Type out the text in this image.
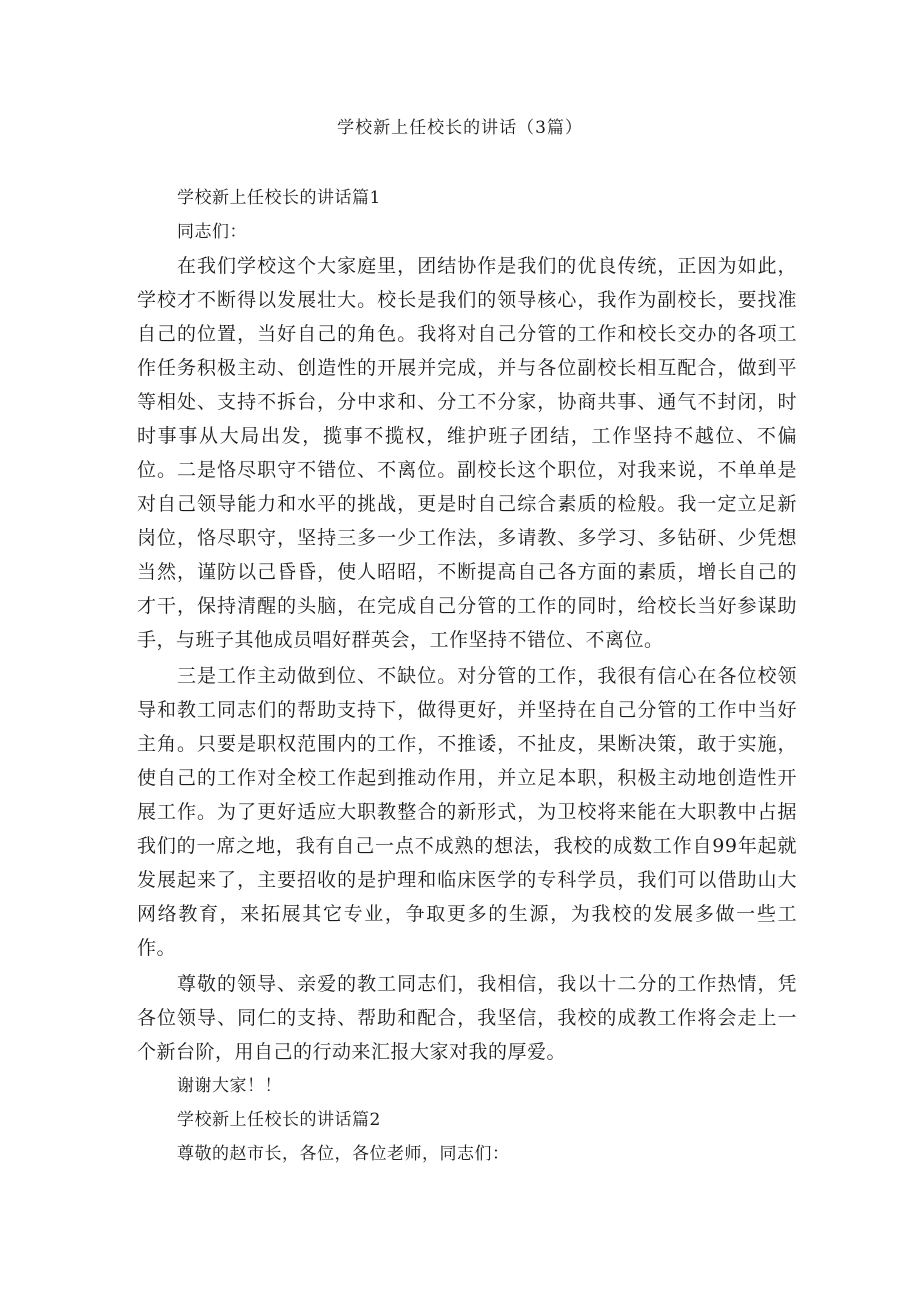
学校新上任校长的讲话（3篇）

学校新上任校长的讲话篇1

同志们：

在我们学校这个大家庭里，团结协作是我们的优良传统，正因为如此，学校才不断得以发展壮大。校长是我们的领导核心，我作为副校长，要找准自己的位置，当好自己的角色。我将对自己分管的工作和校长交办的各项工作任务积极主动、创造性的开展并完成，并与各位副校长相互配合，做到平等相处、支持不拆台，分中求和、分工不分家，协商共事、通气不封闭，时时事事从大局出发，揽事不揽权，维护班子团结，工作坚持不越位、不偏位。二是恪尽职守不错位、不离位。副校长这个职位，对我来说，不单单是对自己领导能力和水平的挑战，更是时自己综合素质的检般。我一定立足新岗位，恪尽职守，坚持三多一少工作法，多请教、多学习、多钻研、少凭想当然，谨防以己昏昏，使人昭昭，不断提高自己各方面的素质，增长自己的才干，保持清醒的头脑，在完成自己分管的工作的同时，给校长当好参谋助手，与班子其他成员唱好群英会，工作坚持不错位、不离位。

三是工作主动做到位、不缺位。对分管的工作，我很有信心在各位校领导和教工同志们的帮助支持下，做得更好，并坚持在自己分管的工作中当好主角。只要是职权范围内的工作，不推诿，不扯皮，果断决策，敢于实施，使自己的工作对全校工作起到推动作用，并立足本职，积极主动地创造性开展工作。为了更好适应大职教整合的新形式，为卫校将来能在大职教中占据我们的一席之地，我有自己一点不成熟的想法，我校的成数工作自99年起就发展起来了，主要招收的是护理和临床医学的专科学员，我们可以借助山大网络教育，来拓展其它专业，争取更多的生源，为我校的发展多做一些工作。

尊敬的领导、亲爱的教工同志们，我相信，我以十二分的工作热情，凭各位领导、同仁的支持、帮助和配合，我坚信，我校的成教工作将会走上一个新台阶，用自己的行动来汇报大家对我的厚爱。

谢谢大家！！

学校新上任校长的讲话篇2

尊敬的赵市长，各位，各位老师，同志们：
